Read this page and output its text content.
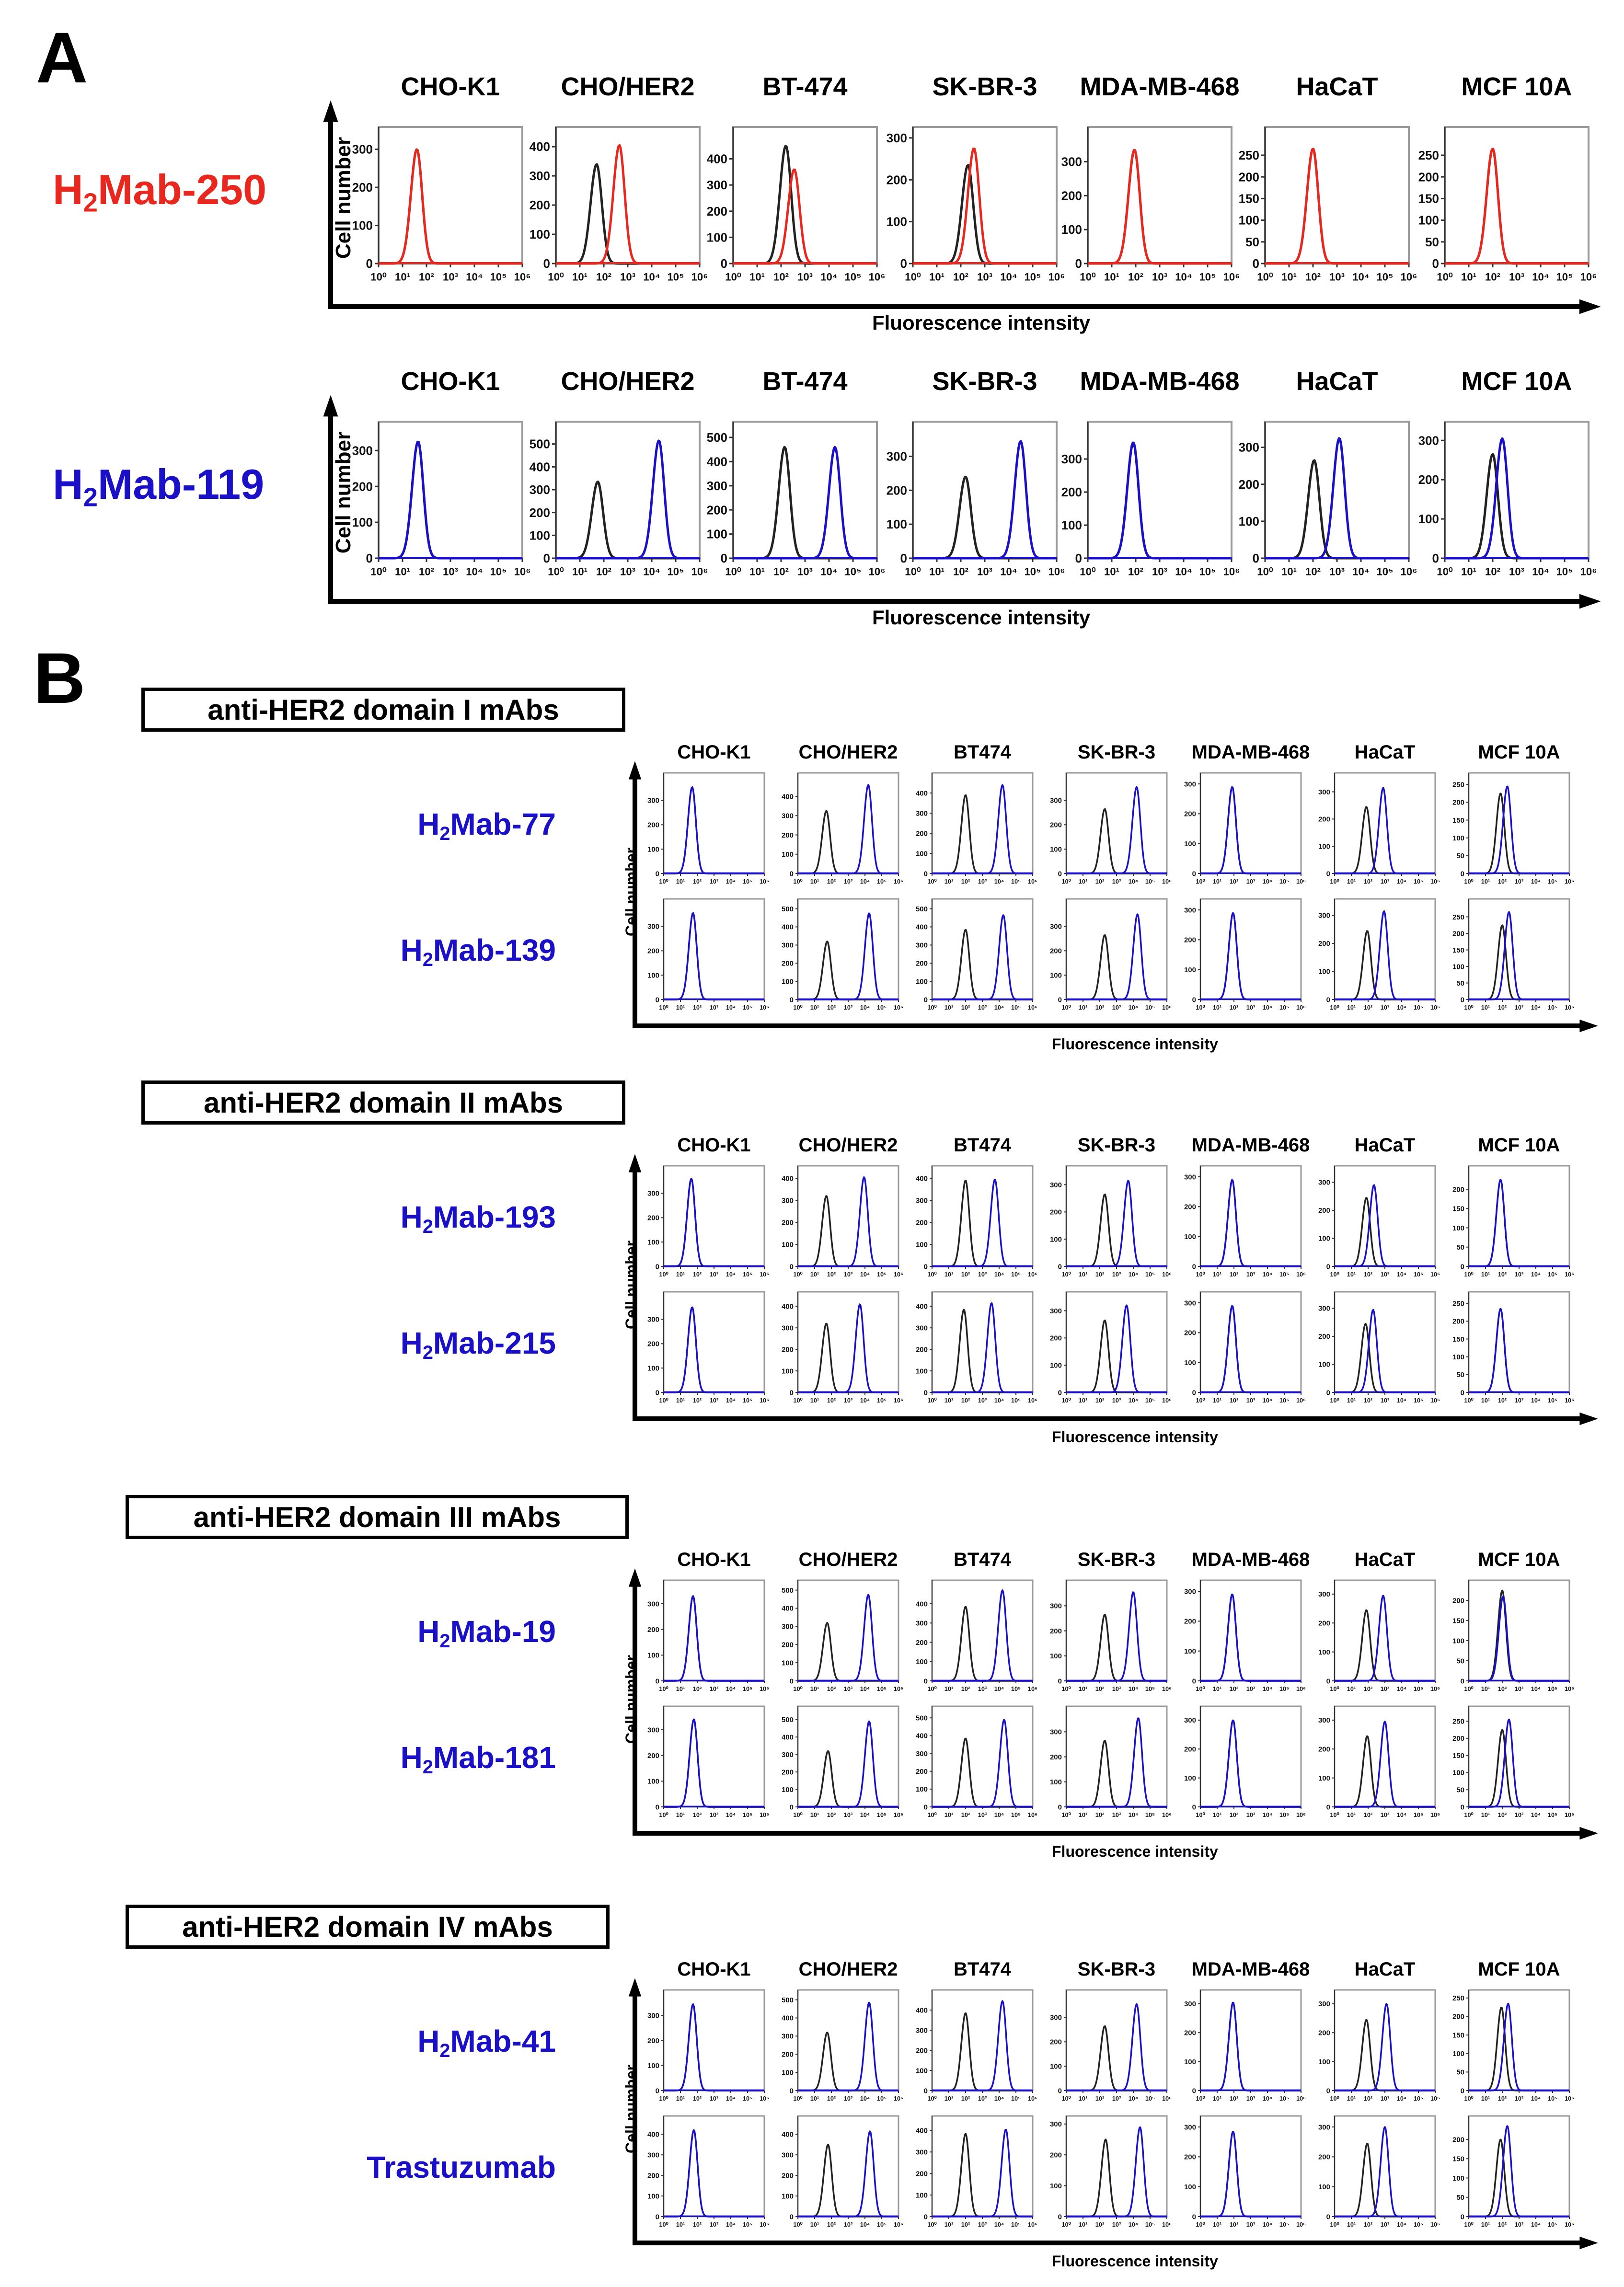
A
$H_2Mab-250$
CHO-K1	CHO/HER2	BT-474	SK-BR-3	MDA-MB-468	HaCaT	MCF 10A
Cell number
Fluorescence intensity
0
100
200
300
10⁰ 10¹ 10² 10³ 10⁴ 10⁵ 10⁶
0
100
200
300
400
10⁰ 10¹ 10² 10³ 10⁴ 10⁵ 10⁶
0
100
200
300
400
10⁰ 10¹ 10² 10³ 10⁴ 10⁵ 10⁶
0
100
200
300
10⁰ 10¹ 10² 10³ 10⁴ 10⁵ 10⁶
0
100
200
300
10⁰ 10¹ 10² 10³ 10⁴ 10⁵ 10⁶
0
50
100
150
200
250
10⁰ 10¹ 10² 10³ 10⁴ 10⁵ 10⁶
0
50
100
150
200
250
10⁰ 10¹ 10² 10³ 10⁴ 10⁵ 10⁶
$H_2Mab-119$
CHO-K1	CHO/HER2	BT-474	SK-BR-3	MDA-MB-468	HaCaT	MCF 10A
Cell number
Fluorescence intensity
0
100
200
300
10⁰ 10¹ 10² 10³ 10⁴ 10⁵ 10⁶
0
100
200
300
400
500
10⁰ 10¹ 10² 10³ 10⁴ 10⁵ 10⁶
0
100
200
300
400
500
10⁰ 10¹ 10² 10³ 10⁴ 10⁵ 10⁶
0
100
200
300
10⁰ 10¹ 10² 10³ 10⁴ 10⁵ 10⁶
0
100
200
300
10⁰ 10¹ 10² 10³ 10⁴ 10⁵ 10⁶
0
100
200
300
10⁰ 10¹ 10² 10³ 10⁴ 10⁵ 10⁶
0
100
200
300
10⁰ 10¹ 10² 10³ 10⁴ 10⁵ 10⁶
B	anti-HER2 domain I mAbs
CHO-K1	CHO/HER2	BT474	SK-BR-3	MDA-MB-468	HaCaT	MCF 10A
Cell number
Fluorescence intensity
$H_2Mab-77$
0
100
200
300
10⁰ 10¹ 10² 10³ 10⁴ 10⁵ 10⁶
0
100
200
300
400
10⁰ 10¹ 10² 10³ 10⁴ 10⁵ 10⁶
0
100
200
300
400
10⁰ 10¹ 10² 10³ 10⁴ 10⁵ 10⁶
0
100
200
300
10⁰ 10¹ 10² 10³ 10⁴ 10⁵ 10⁶
0
100
200
300
10⁰ 10¹ 10² 10³ 10⁴ 10⁵ 10⁶
0
100
200
300
10⁰ 10¹ 10² 10³ 10⁴ 10⁵ 10⁶
0
50
100
150
200
250
10⁰ 10¹ 10² 10³ 10⁴ 10⁵ 10⁶
$H_2Mab-139$
0
100
200
300
10⁰ 10¹ 10² 10³ 10⁴ 10⁵ 10⁶
0
100
200
300
400
500
10⁰ 10¹ 10² 10³ 10⁴ 10⁵ 10⁶
0
100
200
300
400
500
10⁰ 10¹ 10² 10³ 10⁴ 10⁵ 10⁶
0
100
200
300
10⁰ 10¹ 10² 10³ 10⁴ 10⁵ 10⁶
0
100
200
300
10⁰ 10¹ 10² 10³ 10⁴ 10⁵ 10⁶
0
100
200
300
10⁰ 10¹ 10² 10³ 10⁴ 10⁵ 10⁶
0
50
100
150
200
250
10⁰ 10¹ 10² 10³ 10⁴ 10⁵ 10⁶
anti-HER2 domain II mAbs
CHO-K1	CHO/HER2	BT474	SK-BR-3	MDA-MB-468	HaCaT	MCF 10A
Cell number
Fluorescence intensity
$H_2Mab-193$
0
100
200
300
10⁰ 10¹ 10² 10³ 10⁴ 10⁵ 10⁶
0
100
200
300
400
10⁰ 10¹ 10² 10³ 10⁴ 10⁵ 10⁶
0
100
200
300
400
10⁰ 10¹ 10² 10³ 10⁴ 10⁵ 10⁶
0
100
200
300
10⁰ 10¹ 10² 10³ 10⁴ 10⁵ 10⁶
0
100
200
300
10⁰ 10¹ 10² 10³ 10⁴ 10⁵ 10⁶
0
100
200
300
10⁰ 10¹ 10² 10³ 10⁴ 10⁵ 10⁶
0
50
100
150
200
10⁰ 10¹ 10² 10³ 10⁴ 10⁵ 10⁶
$H_2Mab-215$
0
100
200
300
10⁰ 10¹ 10² 10³ 10⁴ 10⁵ 10⁶
0
100
200
300
400
10⁰ 10¹ 10² 10³ 10⁴ 10⁵ 10⁶
0
100
200
300
400
10⁰ 10¹ 10² 10³ 10⁴ 10⁵ 10⁶
0
100
200
300
10⁰ 10¹ 10² 10³ 10⁴ 10⁵ 10⁶
0
100
200
300
10⁰ 10¹ 10² 10³ 10⁴ 10⁵ 10⁶
0
100
200
300
10⁰ 10¹ 10² 10³ 10⁴ 10⁵ 10⁶
0
50
100
150
200
250
10⁰ 10¹ 10² 10³ 10⁴ 10⁵ 10⁶
anti-HER2 domain III mAbs
CHO-K1	CHO/HER2	BT474	SK-BR-3	MDA-MB-468	HaCaT	MCF 10A
Cell number
Fluorescence intensity
$H_2Mab-19$
0
100
200
300
10⁰ 10¹ 10² 10³ 10⁴ 10⁵ 10⁶
0
100
200
300
400
500
10⁰ 10¹ 10² 10³ 10⁴ 10⁵ 10⁶
0
100
200
300
400
10⁰ 10¹ 10² 10³ 10⁴ 10⁵ 10⁶
0
100
200
300
10⁰ 10¹ 10² 10³ 10⁴ 10⁵ 10⁶
0
100
200
300
10⁰ 10¹ 10² 10³ 10⁴ 10⁵ 10⁶
0
100
200
300
10⁰ 10¹ 10² 10³ 10⁴ 10⁵ 10⁶
0
50
100
150
200
10⁰ 10¹ 10² 10³ 10⁴ 10⁵ 10⁶
$H_2Mab-181$
0
100
200
300
10⁰ 10¹ 10² 10³ 10⁴ 10⁵ 10⁶
0
100
200
300
400
500
10⁰ 10¹ 10² 10³ 10⁴ 10⁵ 10⁶
0
100
200
300
400
500
10⁰ 10¹ 10² 10³ 10⁴ 10⁵ 10⁶
0
100
200
300
10⁰ 10¹ 10² 10³ 10⁴ 10⁵ 10⁶
0
100
200
300
10⁰ 10¹ 10² 10³ 10⁴ 10⁵ 10⁶
0
100
200
300
10⁰ 10¹ 10² 10³ 10⁴ 10⁵ 10⁶
0
50
100
150
200
250
10⁰ 10¹ 10² 10³ 10⁴ 10⁵ 10⁶
anti-HER2 domain IV mAbs
CHO-K1	CHO/HER2	BT474	SK-BR-3	MDA-MB-468	HaCaT	MCF 10A
Cell number
Fluorescence intensity
$H_2Mab-41$
0
100
200
300
10⁰ 10¹ 10² 10³ 10⁴ 10⁵ 10⁶
0
100
200
300
400
500
10⁰ 10¹ 10² 10³ 10⁴ 10⁵ 10⁶
0
100
200
300
400
10⁰ 10¹ 10² 10³ 10⁴ 10⁵ 10⁶
0
100
200
300
10⁰ 10¹ 10² 10³ 10⁴ 10⁵ 10⁶
0
100
200
300
10⁰ 10¹ 10² 10³ 10⁴ 10⁵ 10⁶
0
100
200
300
10⁰ 10¹ 10² 10³ 10⁴ 10⁵ 10⁶
0
50
100
150
200
250
10⁰ 10¹ 10² 10³ 10⁴ 10⁵ 10⁶
Trastuzumab
0
100
200
300
400
10⁰ 10¹ 10² 10³ 10⁴ 10⁵ 10⁶
0
100
200
300
400
10⁰ 10¹ 10² 10³ 10⁴ 10⁵ 10⁶
0
100
200
300
400
10⁰ 10¹ 10² 10³ 10⁴ 10⁵ 10⁶
0
100
200
300
10⁰ 10¹ 10² 10³ 10⁴ 10⁵ 10⁶
0
100
200
300
10⁰ 10¹ 10² 10³ 10⁴ 10⁵ 10⁶
0
100
200
300
10⁰ 10¹ 10² 10³ 10⁴ 10⁵ 10⁶
0
50
100
150
200
10⁰ 10¹ 10² 10³ 10⁴ 10⁵ 10⁶
